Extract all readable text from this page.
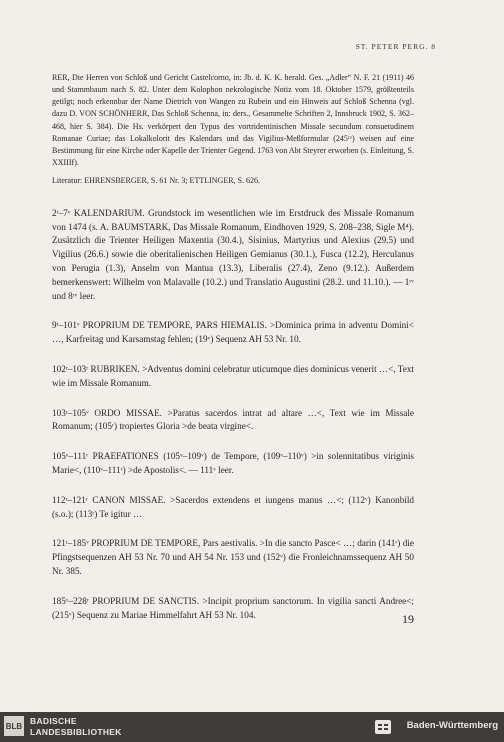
ST. PETER PERG. 8

RER, Die Herren von Schloß und Gericht Castelcorno, in: Jb. d. K. K. herald. Ges. „Adler“ N. F. 21 (1911) 46 und Stammbaum nach S. 82. Unter dem Kolophon nekrologische Notiz vom 18. Oktober 1579, größtenteils getilgt; noch erkennbar der Name Dietrich von Wangen zu Rubein und ein Hinweis auf Schloß Schenna (vgl. dazu D. VON SCHÖNHERR, Das Schloß Schenna, in: ders., Gesammelte Schriften 2, Innsbruck 1902, S. 362–468, hier S. 384). Die Hs. verkörpert den Typus des vortridentinischen Missale secundum consuetudinem Romanae Curiae; das Lokalkolorit des Kalendars und das Vigilius-Meßformular (245ʳᵛ) weisen auf eine Bestimmung für eine Kirche oder Kapelle der Trienter Gegend. 1763 von Abt Steyrer erworben (s. Einleitung, S. XXIIIf).

Literatur: EHRENSBERGER, S. 61 Nr. 3; ETTLINGER, S. 626.

2ʳ–7ᵛ KALENDARIUM. Grundstock im wesentlichen wie im Erstdruck des Missale Romanum von 1474 (s. A. BAUMSTARK, Das Missale Romanum, Eindhoven 1929, S. 208–238, Sigle M⁴). Zusätzlich die Trienter Heiligen Maxentia (30.4.), Sisinius, Martyrius und Alexius (29.5) und Vigilius (26.6.) sowie die oberitalienischen Heiligen Gemianus (30.1.), Fusca (12.2), Herculanus von Perugia (1.3), Anselm von Mantua (13.3), Liberalis (27.4), Zeno (9.12.). Außerdem bemerkenswert: Wilhelm von Malavalle (10.2.) und Translatio Augustini (28.2. und 11.10.). — 1ʳᵛ und 8ʳᵛ leer.

9ʳ–101ᵛ PROPRIUM DE TEMPORE, PARS HIEMALIS. >Dominica prima in adventu Domini< …, Karfreitag und Karsamstag fehlen; (19ᵛ) Sequenz AH 53 Nr. 10.

102ʳ–103ʳ RUBRIKEN. >Adventus domini celebratur uticumque dies dominicus venerit …<, Text wie im Missale Romanum.

103ʳ–105ᵛ ORDO MISSAE. >Paratus sacerdos intrat ad altare …<, Text wie im Missale Romanum; (105ʳ) tropiertes Gloria >de beata virgine<.

105ᵛ–111ʳ PRAEFATIONES (105ᵛ–109ᵛ) de Tempore, (109ᵛ–110ᵛ) >in solennitatibus viriginis Marie<, (110ᵛ–111ʳ) >de Apostolis<. — 111ᵛ leer.

112ʳ–121ʳ CANON MISSAE. >Sacerdos extendens et iungens manus …<; (112ᵛ) Kanonbild (s.o.); (113ʳ) Te igitur …

121ʳ–185ᵛ PROPRIUM DE TEMPORE, Pars aestivalis. >In die sancto Pasce< …; darin (141ʳ) die Pfingstsequenzen AH 53 Nr. 70 und AH 54 Nr. 153 und (152ᵛ) die Fronleichnamssequenz AH 50 Nr. 385.

185ᵛ–228ʳ PROPRIUM DE SANCTIS. >Incipit proprium sanctorum. In vigilia sancti Andree<; (215ᵛ) Sequenz zu Mariae Himmelfahrt AH 53 Nr. 104.	19
BLB BADISCHE
LANDESBIBLIOTHEK
Baden-Württemberg
